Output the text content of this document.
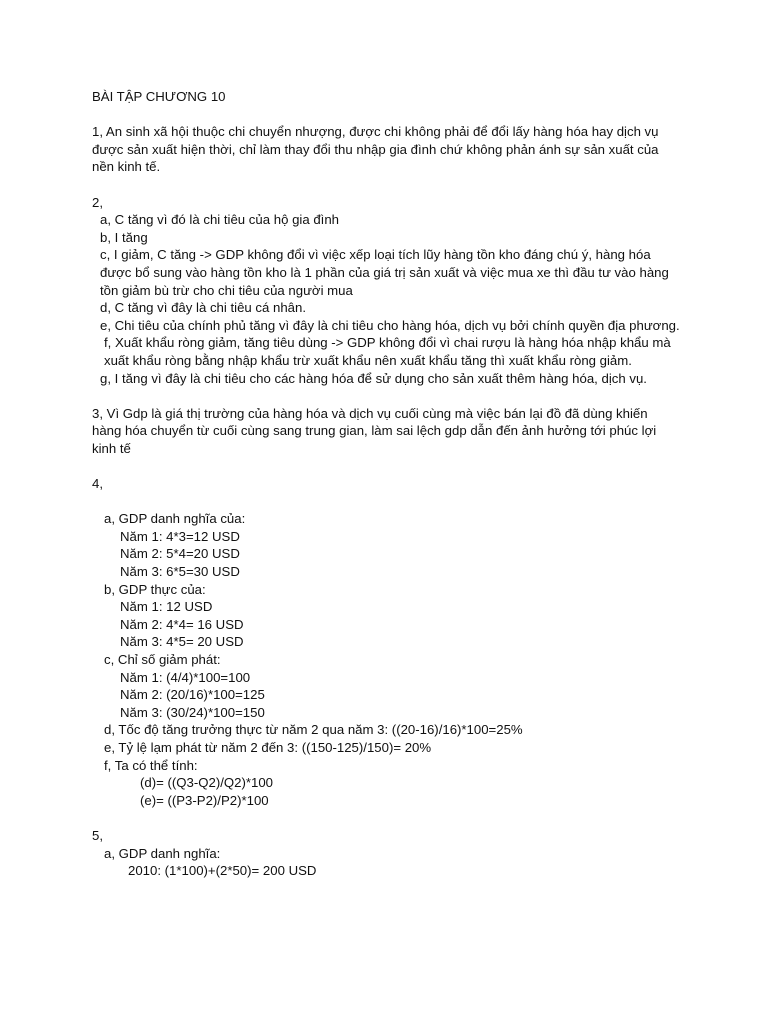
BÀI TẬP CHƯƠNG 10
1, An sinh xã hội thuộc chi chuyển nhượng, được chi không phải để đổi lấy hàng hóa hay dịch vụ được sản xuất hiện thời, chỉ làm thay đổi thu nhập gia đình chứ không phản ánh sự sản xuất của nền kinh tế.
2,
a, C tăng vì đó là chi tiêu của hộ gia đình
b, I tăng
c, I giảm, C tăng -> GDP không đổi vì việc xếp loại tích lũy hàng tồn kho đáng chú ý, hàng hóa được bổ sung vào hàng tồn kho là 1 phần của giá trị sản xuất và việc mua xe thì đầu tư vào hàng tồn giảm bù trừ cho chi tiêu của người mua
d, C tăng vì đây là chi tiêu cá nhân.
e, Chi tiêu của chính phủ tăng vì đây là chi tiêu cho hàng hóa, dịch vụ bởi chính quyền địa phương.
f, Xuất khẩu ròng giảm, tăng tiêu dùng -> GDP không đổi vì chai rượu là hàng hóa nhập khẩu mà xuất khẩu ròng bằng nhập khẩu trừ xuất khẩu nên xuất khẩu tăng thì xuất khẩu ròng giảm.
g, I tăng vì đây là chi tiêu cho các hàng hóa để sử dụng cho sản xuất thêm hàng hóa, dịch vụ.
3, Vì Gdp là giá thị trường của hàng hóa và dịch vụ cuối cùng mà việc bán lại đồ đã dùng khiến hàng hóa chuyển từ cuối cùng sang trung gian, làm sai lệch gdp dẫn đến ảnh hưởng tới phúc lợi kinh tế
4,
a, GDP danh nghĩa của:
Năm 1: 4*3=12 USD
Năm 2: 5*4=20 USD
Năm 3: 6*5=30 USD
b, GDP thực của:
Năm 1: 12 USD
Năm 2: 4*4= 16 USD
Năm 3: 4*5= 20 USD
c, Chỉ số giảm phát:
Năm 1: (4/4)*100=100
Năm 2: (20/16)*100=125
Năm 3: (30/24)*100=150
d, Tốc độ tăng trưởng thực từ năm 2 qua năm 3: ((20-16)/16)*100=25%
e, Tỷ lệ lạm phát từ năm 2 đến 3: ((150-125)/150)= 20%
f, Ta có thể tính:
(d)= ((Q3-Q2)/Q2)*100
(e)= ((P3-P2)/P2)*100
5,
a, GDP danh nghĩa:
2010: (1*100)+(2*50)= 200 USD
